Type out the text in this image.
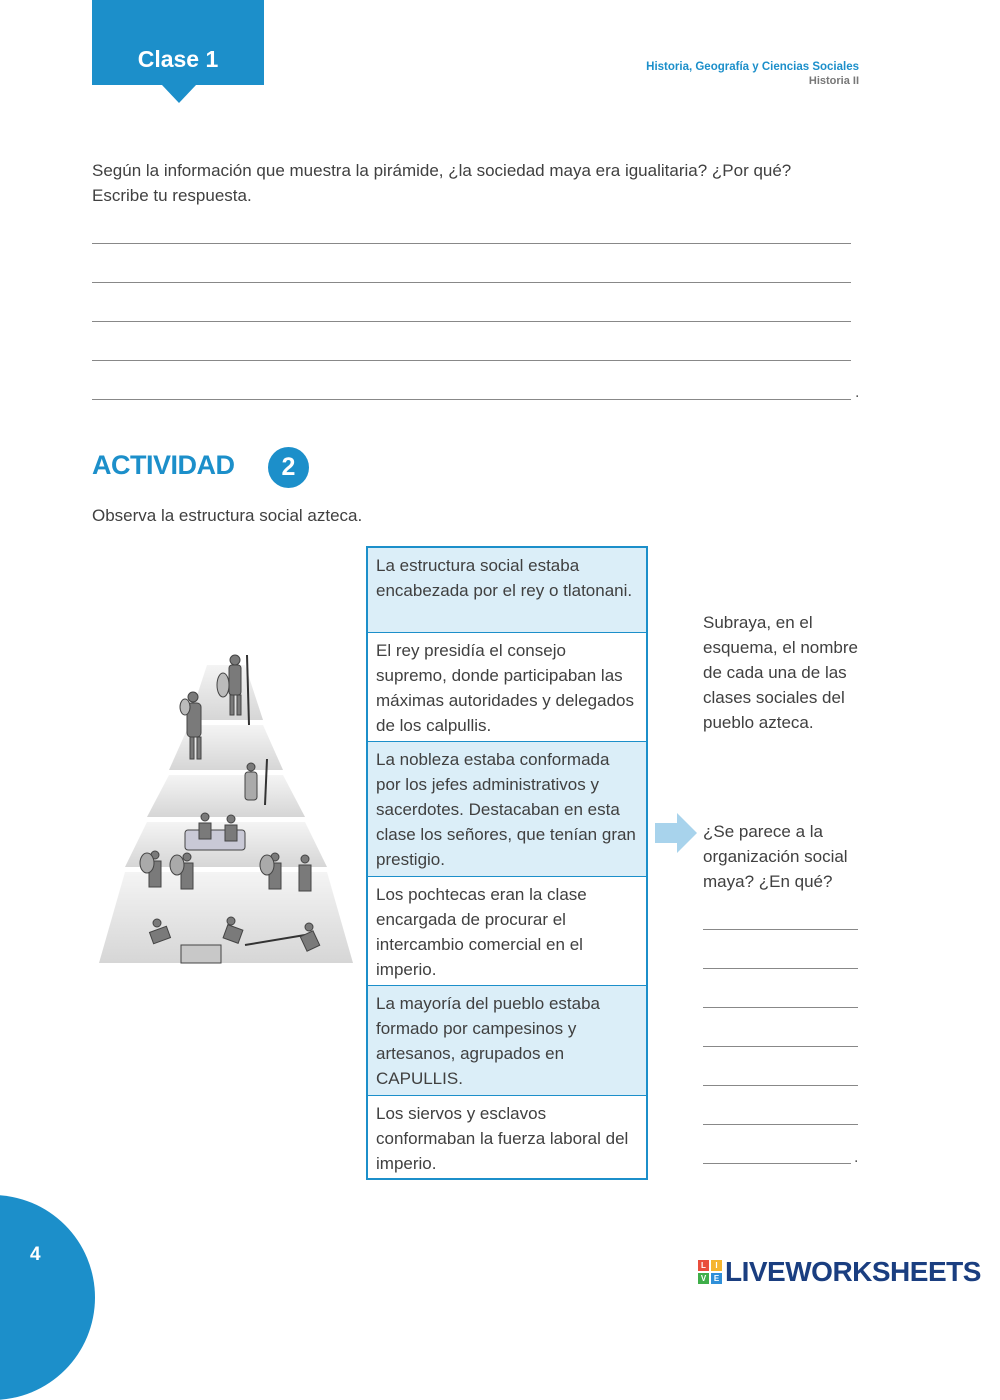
Clase 1	Historia, Geografía y Ciencias Sociales
Historia II
Según la información que muestra la pirámide, ¿la sociedad maya era igualitaria? ¿Por qué? Escribe tu respuesta.
.
ACTIVIDAD	2
Observa la estructura social azteca.
La estructura social estaba encabezada por el rey o tlatonani.
El rey presidía el consejo supremo, donde participaban las máximas autoridades y delegados de los calpullis.
La nobleza estaba conformada por los jefes administrativos y sacerdotes. Destacaban en esta clase los señores, que tenían gran prestigio.
Los pochtecas eran la clase encargada de procurar el intercambio comercial en el imperio.
La mayoría del pueblo estaba formado por campesinos y artesanos, agrupados en CAPULLIS.
Los siervos y esclavos conformaban la fuerza laboral del imperio.
Subraya, en el esquema, el nombre de cada una de las clases sociales del pueblo azteca.
¿Se parece a la organización social maya? ¿En qué?
.
4
L	I
V E LIVEWORKSHEETS
